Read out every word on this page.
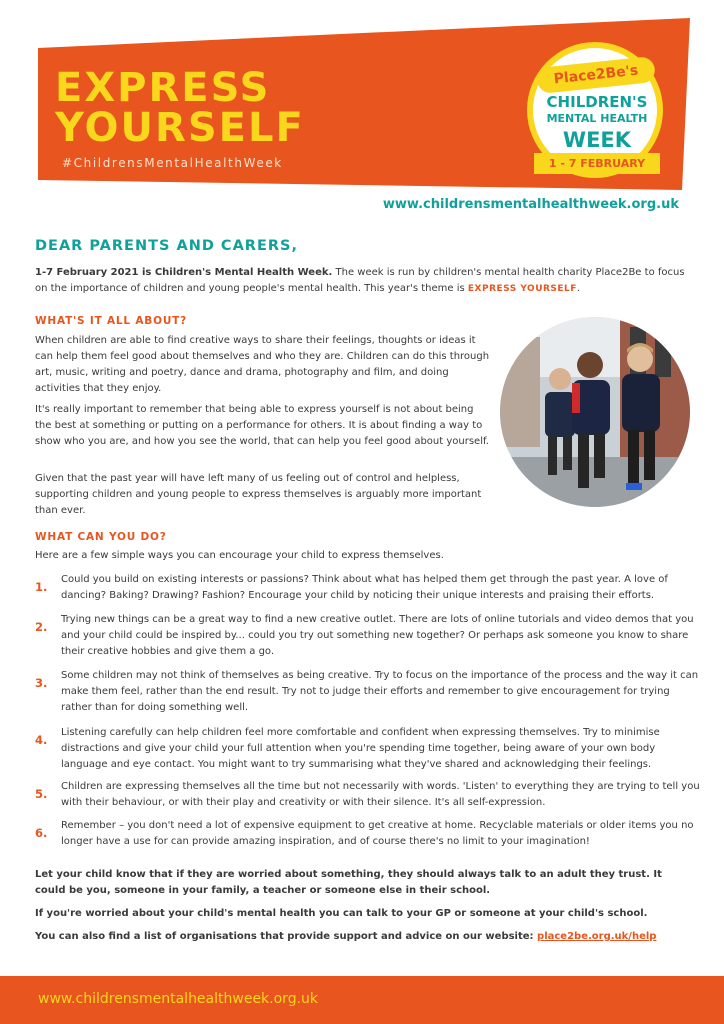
EXPRESS
YOURSELF
#ChildrensMentalHealthWeek
Place2Be's
CHILDREN'S
MENTAL HEALTH
WEEK
1 - 7 FEBRUARY 2021
www.childrensmentalhealthweek.org.uk
DEAR PARENTS AND CARERS,
1-7 February 2021 is Children's Mental Health Week. The week is run by children's mental health charity Place2Be to focus on the importance of children and young people's mental health. This year's theme is EXPRESS YOURSELF.
WHAT'S IT ALL ABOUT?
When children are able to find creative ways to share their feelings, thoughts or ideas it can help them feel good about themselves and who they are. Children can do this through art, music, writing and poetry, dance and drama, photography and film, and doing activities that they enjoy.
It's really important to remember that being able to express yourself is not about being the best at something or putting on a performance for others. It is about finding a way to show who you are, and how you see the world, that can help you feel good about yourself.
Given that the past year will have left many of us feeling out of control and helpless, supporting children and young people to express themselves is arguably more important than ever.
WHAT CAN YOU DO?
Here are a few simple ways you can encourage your child to express themselves.
1.
Could you build on existing interests or passions? Think about what has helped them get through the past year. A love of dancing? Baking? Drawing? Fashion? Encourage your child by noticing their unique interests and praising their efforts.
2.
Trying new things can be a great way to find a new creative outlet. There are lots of online tutorials and video demos that you and your child could be inspired by... could you try out something new together? Or perhaps ask someone you know to share their creative hobbies and give them a go.
3.
Some children may not think of themselves as being creative. Try to focus on the importance of the process and the way it can make them feel, rather than the end result. Try not to judge their efforts and remember to give encouragement for trying rather than for doing something well.
4.
Listening carefully can help children feel more comfortable and confident when expressing themselves. Try to minimise distractions and give your child your full attention when you're spending time together, being aware of your own body language and eye contact. You might want to try summarising what they've shared and acknowledging their feelings.
5.
Children are expressing themselves all the time but not necessarily with words. 'Listen' to everything they are trying to tell you with their behaviour, or with their play and creativity or with their silence. It's all self-expression.
6.
Remember – you don't need a lot of expensive equipment to get creative at home. Recyclable materials or older items you no longer have a use for can provide amazing inspiration, and of course there's no limit to your imagination!
Let your child know that if they are worried about something, they should always talk to an adult they trust. It could be you, someone in your family, a teacher or someone else in their school.
If you're worried about your child's mental health you can talk to your GP or someone at your child's school.
You can also find a list of organisations that provide support and advice on our website: place2be.org.uk/help
www.childrensmentalhealthweek.org.uk
